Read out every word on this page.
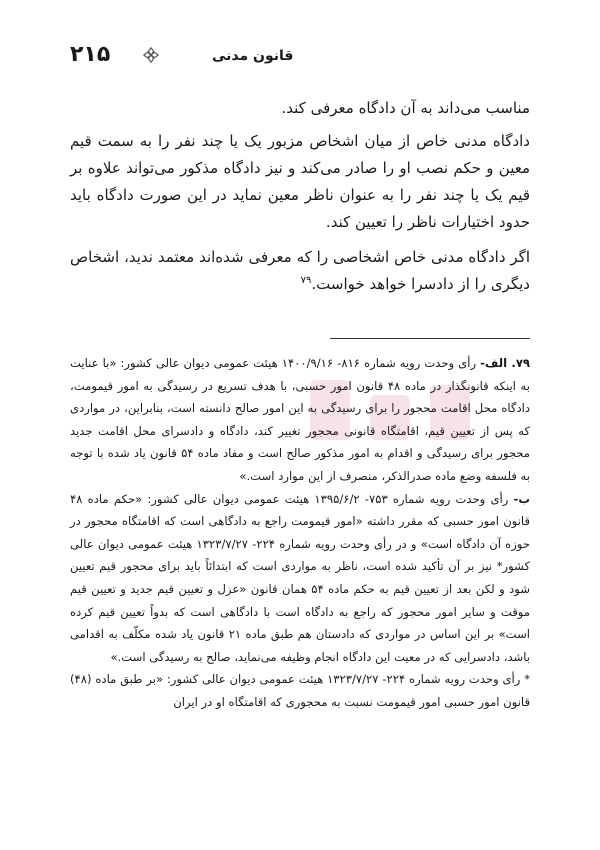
۲۱۵	قانون مدنی

مناسب می‌داند به آن دادگاه معرفی کند.

دادگاه مدنی خاص از میان اشخاص مزبور یک یا چند نفر را به سمت قیم معین و حکم نصب او را صادر می‌کند و نیز دادگاه مذکور می‌تواند علاوه بر قیم یک یا چند نفر را به عنوان ناظر معین نماید در این صورت دادگاه باید حدود اختیارات ناظر را تعیین کند.

اگر دادگاه مدنی خاص اشخاصی را که معرفی شده‌اند معتمد ندید، اشخاص دیگری را از دادسرا خواهد خواست.$^{۷۹}$

۷۹. الف- رأی وحدت رویه شماره ۸۱۶- ۱۴۰۰/۹/۱۶ هیئت عمومی دیوان عالی کشور: «با عنایت به اینکه قانونگذار در ماده ۴۸ قانون امور حسبی، با هدف تسریع در رسیدگی به امور قیمومت، دادگاه محل اقامت محجور را برای رسیدگی به این امور صالح دانسته است، بنابراین، در مواردی که پس از تعیین قیم، اقامتگاه قانونی محجور تغییر کند، دادگاه و دادسرای محل اقامت جدید محجور برای رسیدگی و اقدام به امور مذکور صالح است و مفاد ماده ۵۴ قانون یاد شده با توجه به فلسفه وضع ماده صدرالذکر، منصرف از این موارد است.»

ب- رأی وحدت رویه شماره ۷۵۳- ۱۳۹۵/۶/۲ هیئت عمومی دیوان عالی کشور: «حکم ماده ۴۸ قانون امور حسبی که مقرر داشته «امور قیمومت راجع به دادگاهی است که اقامتگاه محجور در حوزه آن دادگاه است» و در رأی وحدت رویه شماره ۲۲۴- ۱۳۲۳/۷/۲۷ هیئت عمومی دیوان عالی کشور* نیز بر آن تأکید شده است، ناظر به مواردی است که ابتدائاً باید برای محجور قیم تعیین شود و لکن بعد از تعیین قیم به حکم ماده ۵۴ همان قانون «عزل و تعیین قیم جدید و تعیین قیم موقت و سایر امور محجور که راجع به دادگاه است با دادگاهی است که بدواً تعیین قیم کرده است» بر این اساس در مواردی که دادستان هم طبق ماده ۲۱ قانون یاد شده مکلّف به اقدامی باشد، دادسرایی که در معیت این دادگاه انجام وظیفه می‌نماید، صالح به رسیدگی است.»

* رأی وحدت رویه شماره ۲۲۴- ۱۳۲۳/۷/۲۷ هیئت عمومی دیوان عالی کشور: «بر طبق ماده (۴۸) قانون امور حسبی امور قیمومت نسبت به محجوری که اقامتگاه او در ایران
